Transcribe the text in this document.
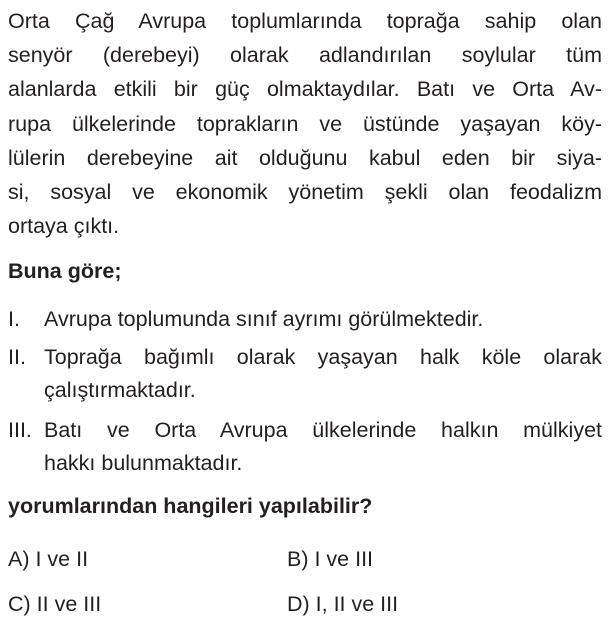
Orta Çağ Avrupa toplumlarında toprağa sahip olan
senyör (derebeyi) olarak adlandırılan soylular tüm
alanlarda etkili bir güç olmaktaydılar. Batı ve Orta Av-
rupa ülkelerinde toprakların ve üstünde yaşayan köy-
lülerin derebeyine ait olduğunu kabul eden bir siya-
si, sosyal ve ekonomik yönetim şekli olan feodalizm
ortaya çıktı.
Buna göre;
I. Avrupa toplumunda sınıf ayrımı görülmektedir.
II. Toprağa bağımlı olarak yaşayan halk köle olarak
çalıştırmaktadır.
III. Batı ve Orta Avrupa ülkelerinde halkın mülkiyet
hakkı bulunmaktadır.
yorumlarından hangileri yapılabilir?
A) I ve II	B) I ve III
C) II ve III	D) I, II ve III
